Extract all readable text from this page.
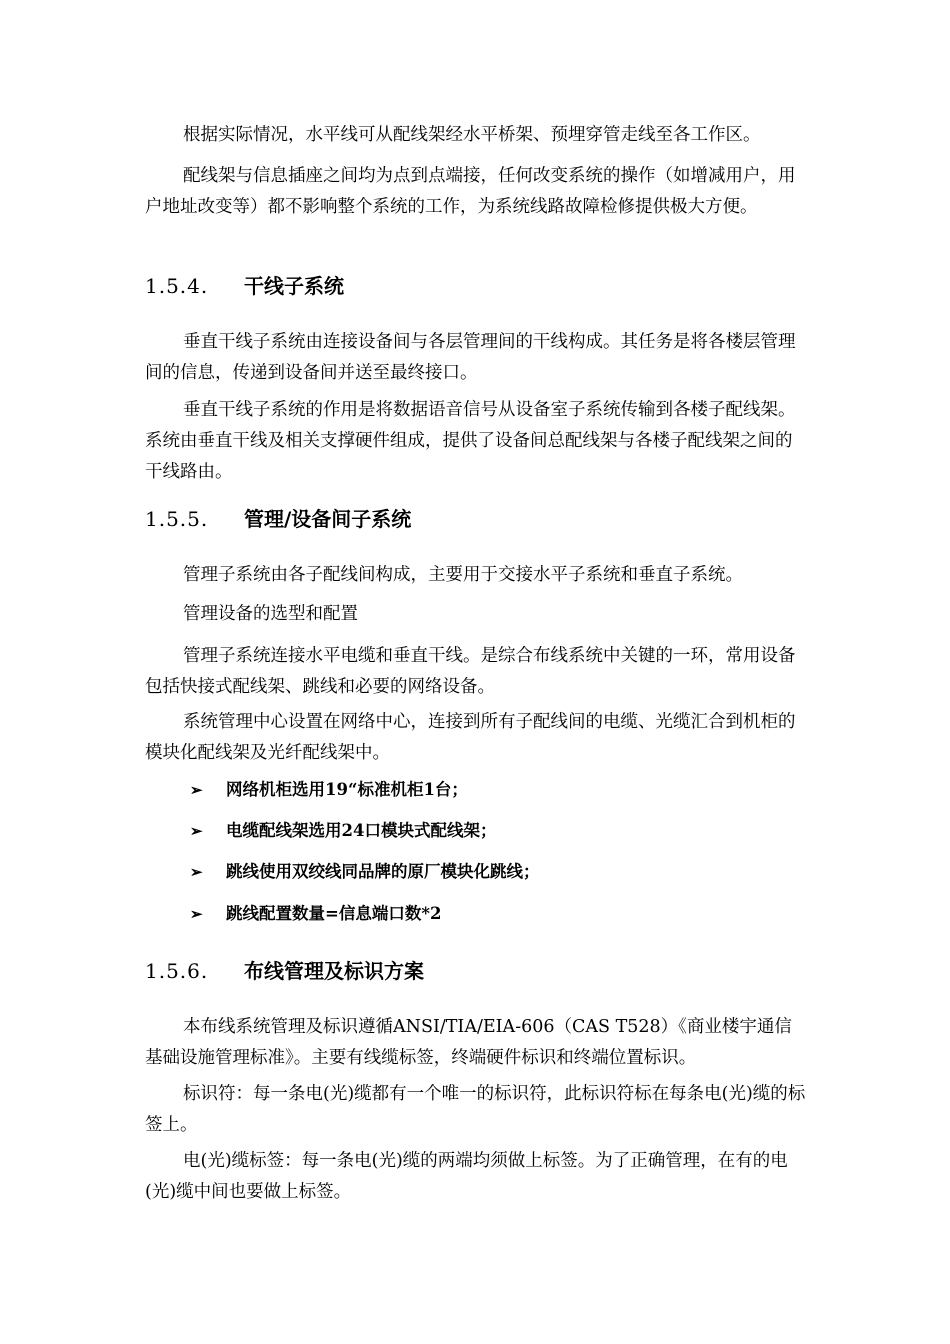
根据实际情况，水平线可从配线架经水平桥架、预埋穿管走线至各工作区。

配线架与信息插座之间均为点到点端接，任何改变系统的操作（如增减用户，用户地址改变等）都不影响整个系统的工作，为系统线路故障检修提供极大方便。

1.5.4. 干线子系统

垂直干线子系统由连接设备间与各层管理间的干线构成。其任务是将各楼层管理间的信息，传递到设备间并送至最终接口。

垂直干线子系统的作用是将数据语音信号从设备室子系统传输到各楼子配线架。系统由垂直干线及相关支撑硬件组成，提供了设备间总配线架与各楼子配线架之间的干线路由。

1.5.5. 管理/设备间子系统

管理子系统由各子配线间构成，主要用于交接水平子系统和垂直子系统。

管理设备的选型和配置

管理子系统连接水平电缆和垂直干线。是综合布线系统中关键的一环，常用设备包括快接式配线架、跳线和必要的网络设备。

系统管理中心设置在网络中心，连接到所有子配线间的电缆、光缆汇合到机柜的模块化配线架及光纤配线架中。

➢ 网络机柜选用19“标准机柜1台；
➢ 电缆配线架选用24口模块式配线架；
➢ 跳线使用双绞线同品牌的原厂模块化跳线；
➢ 跳线配置数量=信息端口数*2
1.5.6. 布线管理及标识方案

本布线系统管理及标识遵循ANSI/TIA/EIA-606（CAS T528）《商业楼宇通信基础设施管理标准》。主要有线缆标签，终端硬件标识和终端位置标识。

标识符：每一条电(光)缆都有一个唯一的标识符，此标识符标在每条电(光)缆的标签上。

电(光)缆标签：每一条电(光)缆的两端均须做上标签。为了正确管理，在有的电(光)缆中间也要做上标签。
